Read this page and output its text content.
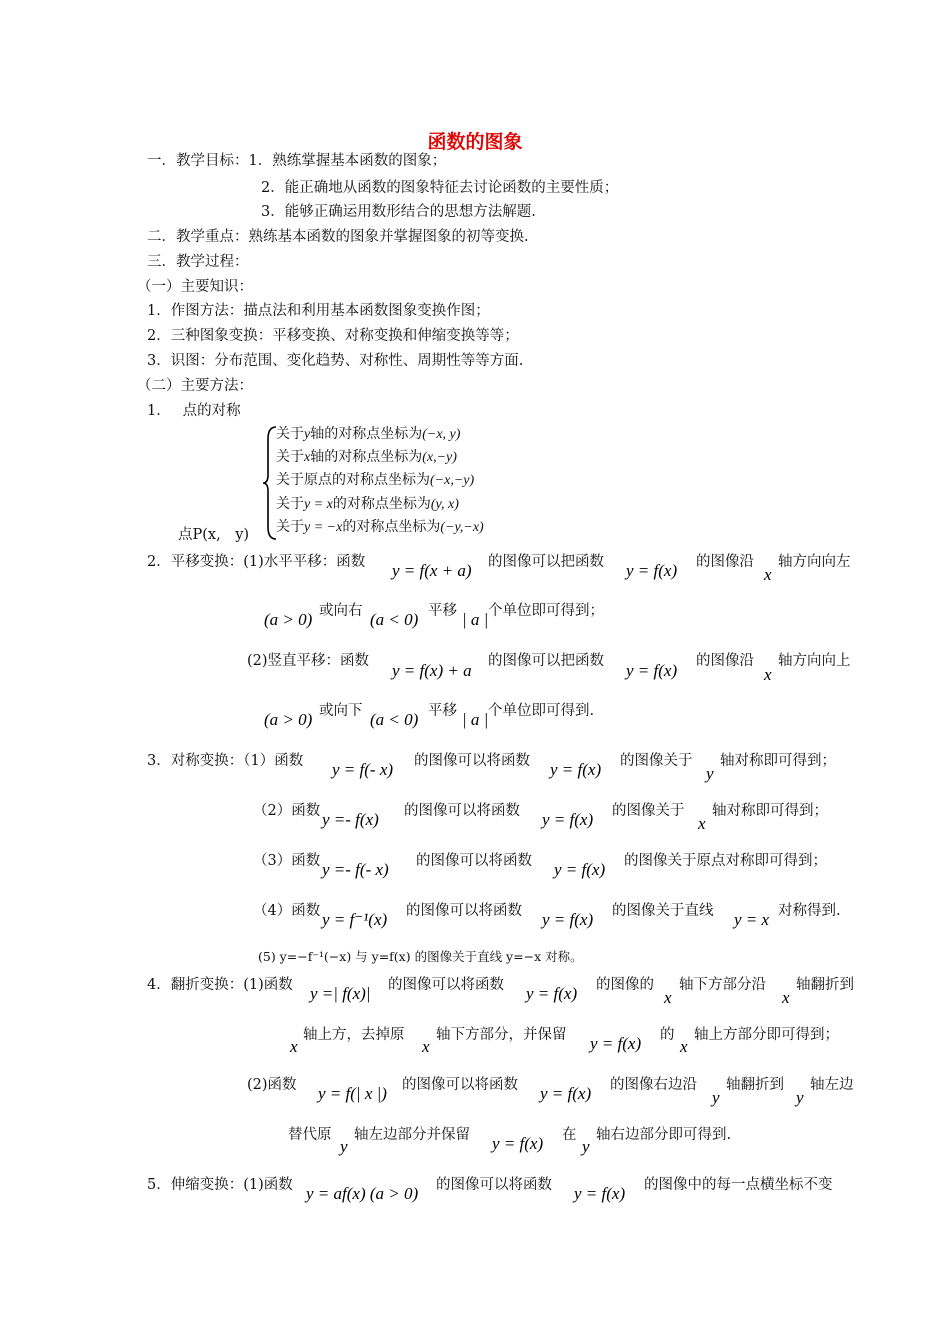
函数的图象
一．教学目标：1．熟练掌握基本函数的图象；
2．能正确地从函数的图象特征去讨论函数的主要性质；
3．能够正确运用数形结合的思想方法解题.
二．教学重点：熟练基本函数的图象并掌握图象的初等变换.
三．教学过程：
（一）主要知识：
1．作图方法：描点法和利用基本函数图象变换作图；
2．三种图象变换：平移变换、对称变换和伸缩变换等等；
3．识图：分布范围、变化趋势、对称性、周期性等等方面.
（二）主要方法：
1．　 点的对称
关于y轴的对称点坐标为(−x, y)
关于x轴的对称点坐标为(x,−y)
关于原点的对称点坐标为(−x,−y)
关于y = x的对称点坐标为(y, x)
关于y = −x的对称点坐标为(−y,−x)
点P(x,　y)
2．平移变换：(1)水平平移：函数 y = f(x + a) 的图像可以把函数 y = f(x) 的图像沿
x
轴方向向左
(a > 0) 或向右 (a < 0) 平移 | a | 个单位即可得到；
(2)竖直平移：函数 y = f(x) + a 的图像可以把函数 y = f(x) 的图像沿
x
轴方向向上
(a > 0) 或向下 (a < 0) 平移 | a | 个单位即可得到.
3．对称变换：（1）函数 y = f(- x) 的图像可以将函数 y = f(x) 的图像关于
y
轴对称即可得到；
（2）函数 y =- f(x) 的图像可以将函数 y = f(x) 的图像关于
x
轴对称即可得到；
（3）函数 y =- f(- x) 的图像可以将函数 y = f(x) 的图像关于原点对称即可得到；
（4）函数 y = f⁻¹(x) 的图像可以将函数 y = f(x) 的图像关于直线 y = x 对称得到.
(5) y=−f⁻¹(−x) 与 y=f(x) 的图像关于直线 y=−x 对称。
4．翻折变换：(1)函数 y =| f(x)| 的图像可以将函数 y = f(x) 的图像的
x
轴下方部分沿
x
轴翻折到
x
轴上方，去掉原
x
轴下方部分，并保留 y = f(x) 的
x
轴上方部分即可得到；
(2)函数 y = f(| x |) 的图像可以将函数 y = f(x) 的图像右边沿
y
轴翻折到
y
轴左边
替代原
y
轴左边部分并保留 y = f(x) 在
y
轴右边部分即可得到.
5．伸缩变换：(1)函数 y = af(x) (a > 0) 的图像可以将函数 y = f(x) 的图像中的每一点横坐标不变
